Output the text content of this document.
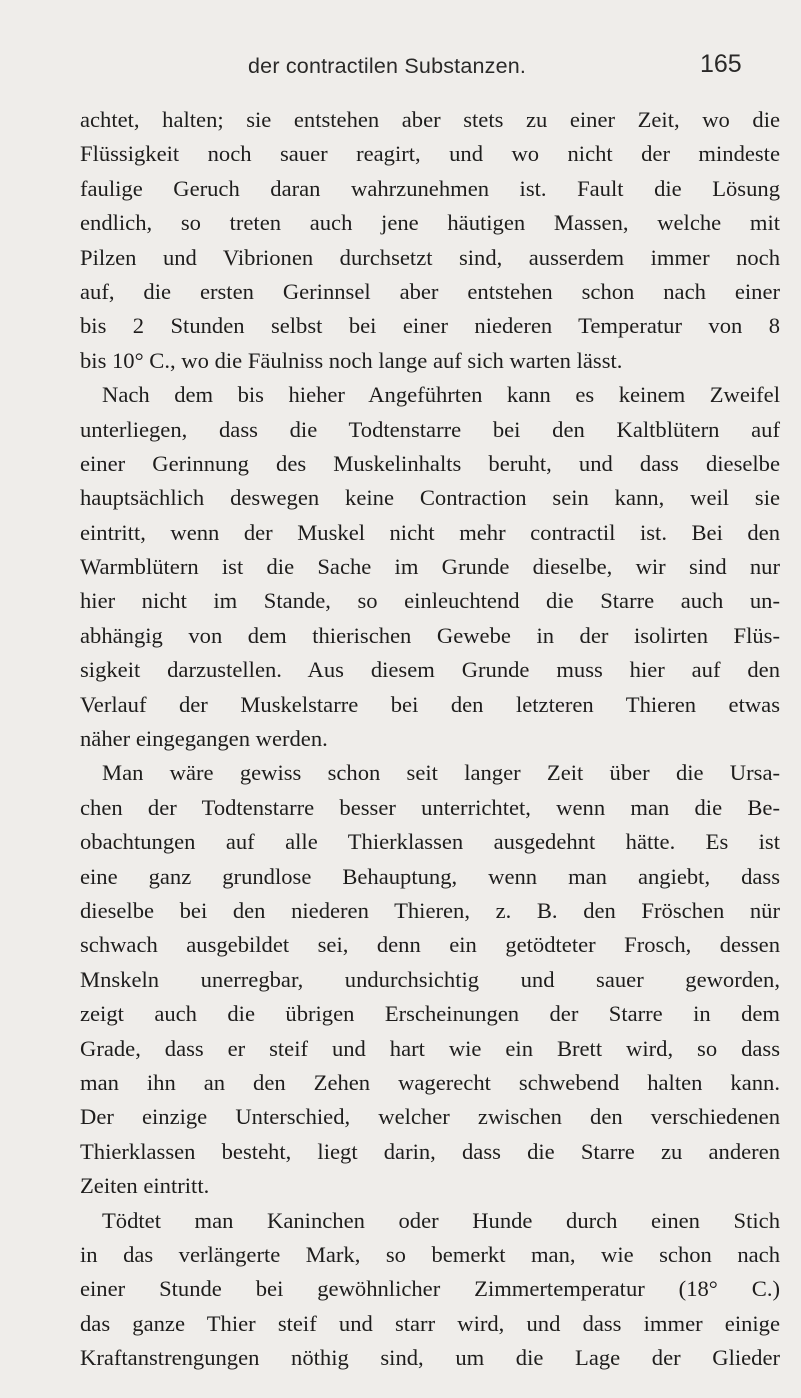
der contractilen Substanzen.	165
achtet, halten; sie entstehen aber stets zu einer Zeit, wo die
Flüssigkeit noch sauer reagirt, und wo nicht der mindeste
faulige Geruch daran wahrzunehmen ist. Fault die Lösung
endlich, so treten auch jene häutigen Massen, welche mit
Pilzen und Vibrionen durchsetzt sind, ausserdem immer noch
auf, die ersten Gerinnsel aber entstehen schon nach einer
bis 2 Stunden selbst bei einer niederen Temperatur von 8
bis 10° C., wo die Fäulniss noch lange auf sich warten lässt.
Nach dem bis hieher Angeführten kann es keinem Zweifel
unterliegen, dass die Todtenstarre bei den Kaltblütern auf
einer Gerinnung des Muskelinhalts beruht, und dass dieselbe
hauptsächlich deswegen keine Contraction sein kann, weil sie
eintritt, wenn der Muskel nicht mehr contractil ist. Bei den
Warmblütern ist die Sache im Grunde dieselbe, wir sind nur
hier nicht im Stande, so einleuchtend die Starre auch un-
abhängig von dem thierischen Gewebe in der isolirten Flüs-
sigkeit darzustellen. Aus diesem Grunde muss hier auf den
Verlauf der Muskelstarre bei den letzteren Thieren etwas
näher eingegangen werden.
Man wäre gewiss schon seit langer Zeit über die Ursa-
chen der Todtenstarre besser unterrichtet, wenn man die Be-
obachtungen auf alle Thierklassen ausgedehnt hätte. Es ist
eine ganz grundlose Behauptung, wenn man angiebt, dass
dieselbe bei den niederen Thieren, z. B. den Fröschen nür
schwach ausgebildet sei, denn ein getödteter Frosch, dessen
Mnskeln unerregbar, undurchsichtig und sauer geworden,
zeigt auch die übrigen Erscheinungen der Starre in dem
Grade, dass er steif und hart wie ein Brett wird, so dass
man ihn an den Zehen wagerecht schwebend halten kann.
Der einzige Unterschied, welcher zwischen den verschiedenen
Thierklassen besteht, liegt darin, dass die Starre zu anderen
Zeiten eintritt.
Tödtet man Kaninchen oder Hunde durch einen Stich
in das verlängerte Mark, so bemerkt man, wie schon nach
einer Stunde bei gewöhnlicher Zimmertemperatur (18° C.)
das ganze Thier steif und starr wird, und dass immer einige
Kraftanstrengungen nöthig sind, um die Lage der Glieder
